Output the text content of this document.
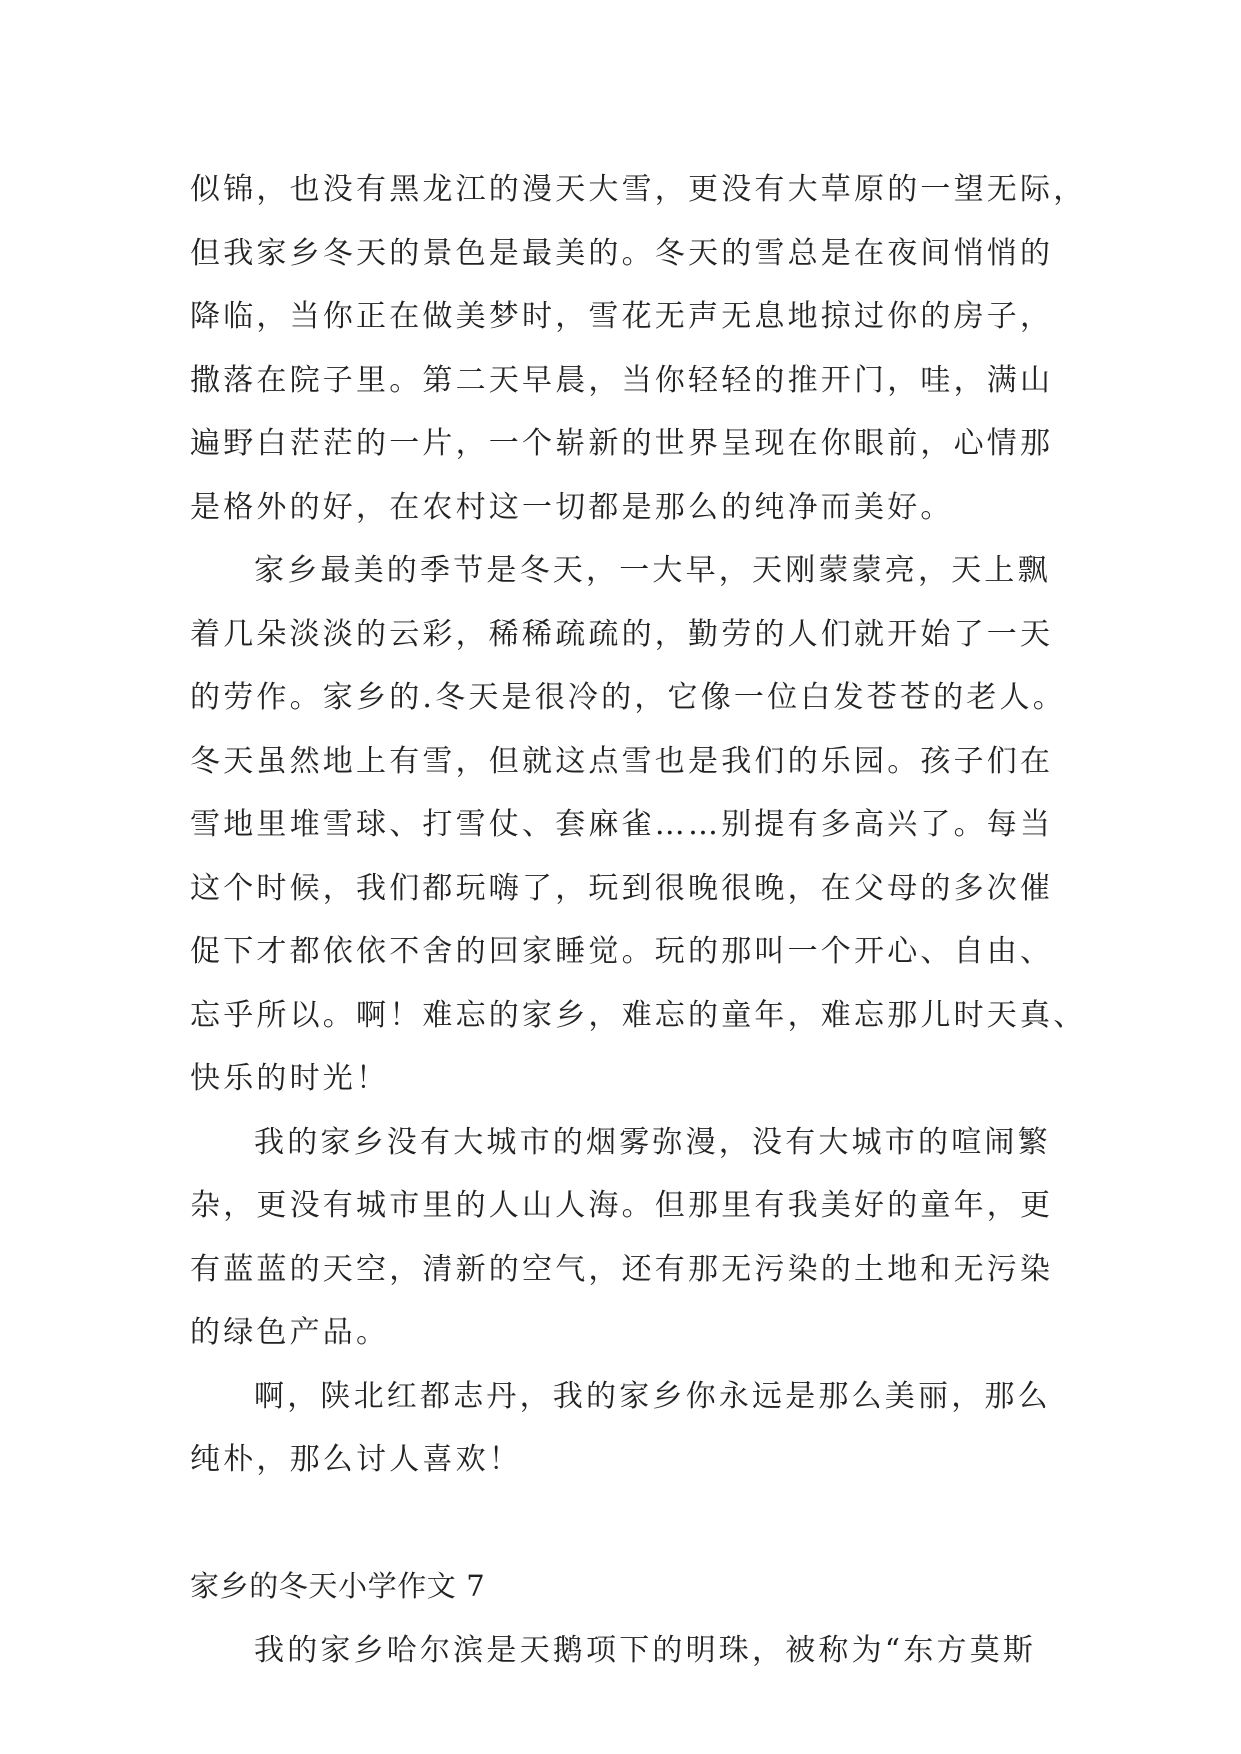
似锦，也没有黑龙江的漫天大雪，更没有大草原的一望无际，
但我家乡冬天的景色是最美的。冬天的雪总是在夜间悄悄的
降临，当你正在做美梦时，雪花无声无息地掠过你的房子，
撒落在院子里。第二天早晨，当你轻轻的推开门，哇，满山
遍野白茫茫的一片，一个崭新的世界呈现在你眼前，心情那
是格外的好，在农村这一切都是那么的纯净而美好。
家乡最美的季节是冬天，一大早，天刚蒙蒙亮，天上飘
着几朵淡淡的云彩，稀稀疏疏的，勤劳的人们就开始了一天
的劳作。家乡的.冬天是很冷的，它像一位白发苍苍的老人。
冬天虽然地上有雪，但就这点雪也是我们的乐园。孩子们在
雪地里堆雪球、打雪仗、套麻雀……别提有多高兴了。每当
这个时候，我们都玩嗨了，玩到很晚很晚，在父母的多次催
促下才都依依不舍的回家睡觉。玩的那叫一个开心、自由、
忘乎所以。啊！难忘的家乡，难忘的童年，难忘那儿时天真、
快乐的时光！
我的家乡没有大城市的烟雾弥漫，没有大城市的喧闹繁
杂，更没有城市里的人山人海。但那里有我美好的童年，更
有蓝蓝的天空，清新的空气，还有那无污染的土地和无污染
的绿色产品。
啊，陕北红都志丹，我的家乡你永远是那么美丽，那么
纯朴，那么讨人喜欢！
家乡的冬天小学作文 7
我的家乡哈尔滨是天鹅项下的明珠，被称为“东方莫斯
